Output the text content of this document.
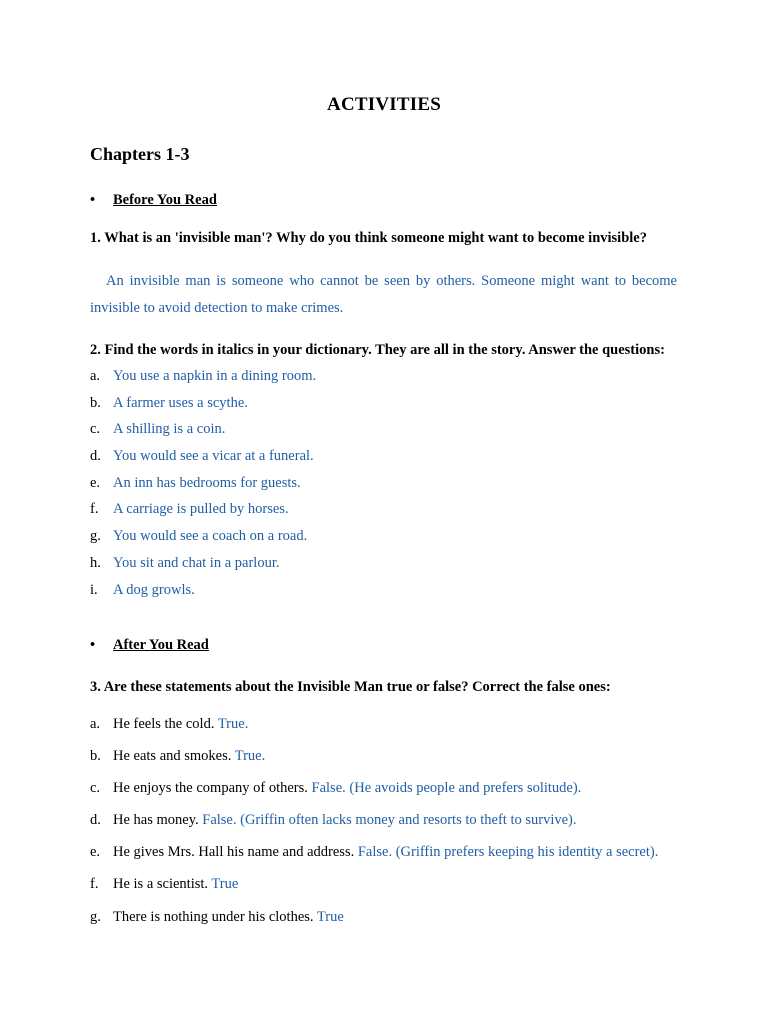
ACTIVITIES
Chapters 1-3
• Before You Read
1. What is an 'invisible man'? Why do you think someone might want to become invisible?
An invisible man is someone who cannot be seen by others. Someone might want to become invisible to avoid detection to make crimes.
2. Find the words in italics in your dictionary. They are all in the story. Answer the questions:
a. You use a napkin in a dining room.
b. A farmer uses a scythe.
c. A shilling is a coin.
d. You would see a vicar at a funeral.
e. An inn has bedrooms for guests.
f. A carriage is pulled by horses.
g. You would see a coach on a road.
h. You sit and chat in a parlour.
i. A dog growls.
• After You Read
3. Are these statements about the Invisible Man true or false? Correct the false ones:
a. He feels the cold. True.
b. He eats and smokes. True.
c. He enjoys the company of others. False. (He avoids people and prefers solitude).
d. He has money. False. (Griffin often lacks money and resorts to theft to survive).
e. He gives Mrs. Hall his name and address. False. (Griffin prefers keeping his identity a secret).
f. He is a scientist. True
g. There is nothing under his clothes. True
